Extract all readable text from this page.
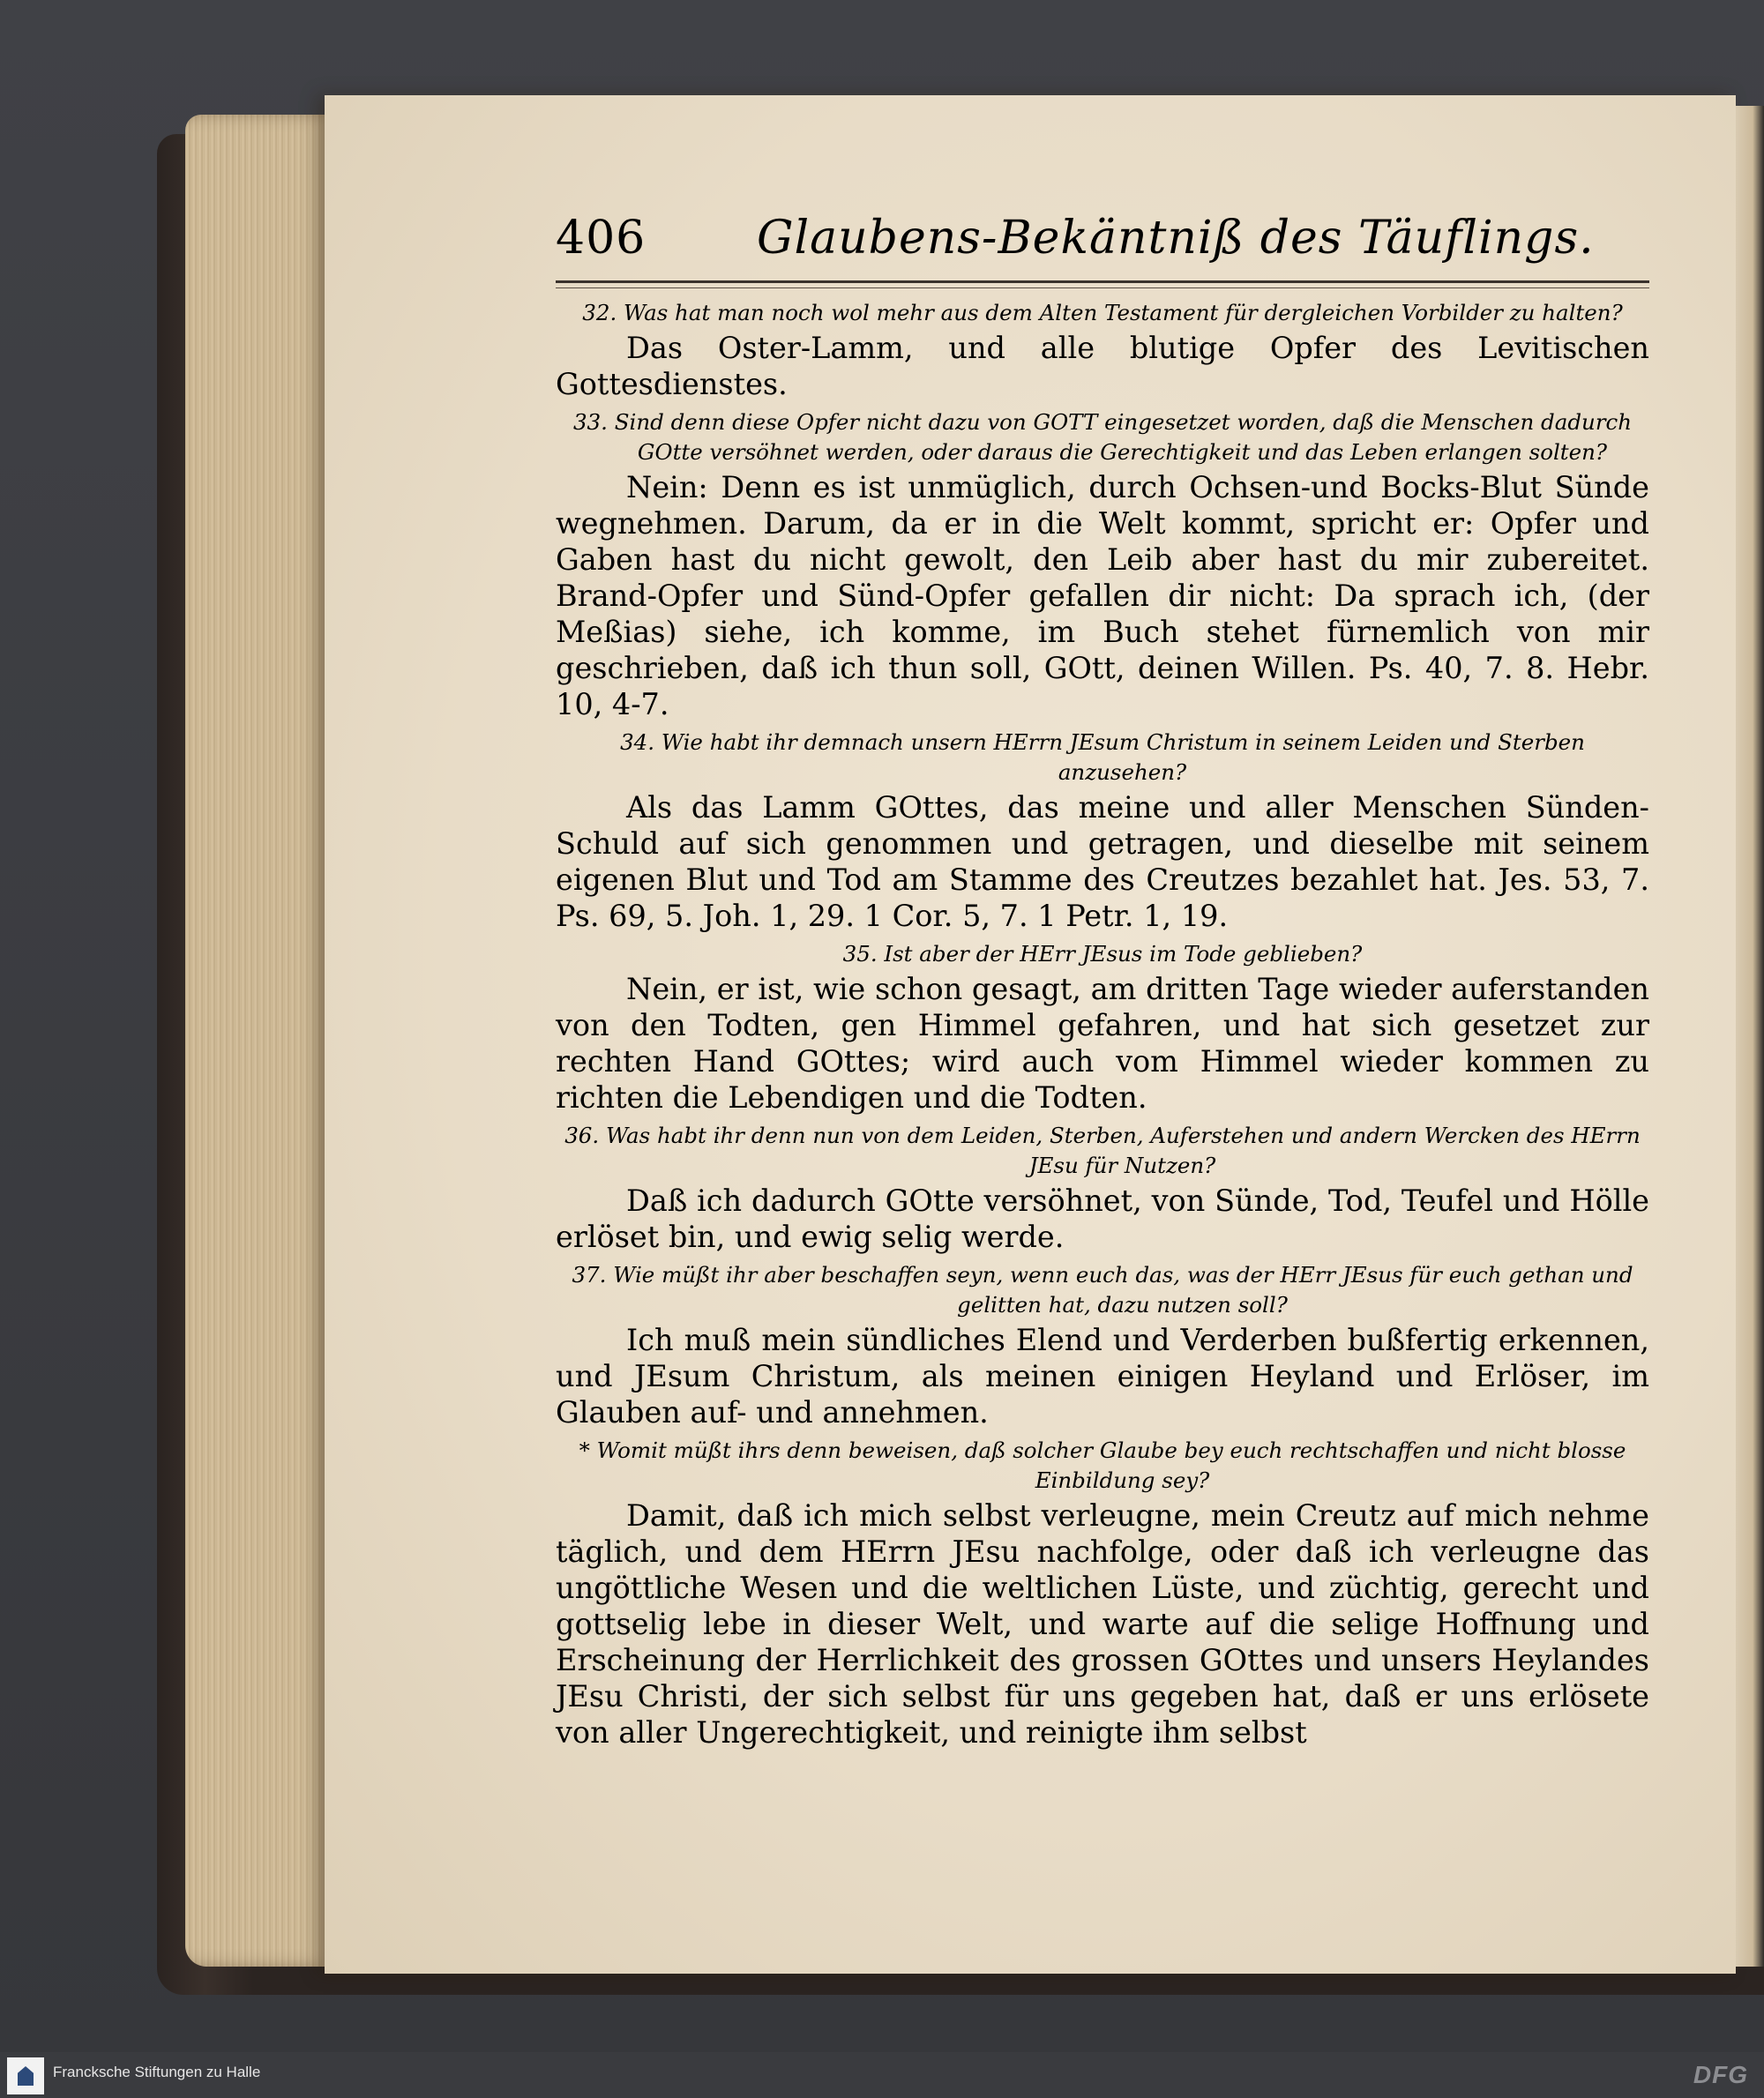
406 Glaubens-Bekäntniß des Täuflings.

32. Was hat man noch wol mehr aus dem Alten Testament für dergleichen Vorbilder zu halten?

Das Oster-Lamm, und alle blutige Opfer des Levitischen Gottesdienstes.

33. Sind denn diese Opfer nicht dazu von GOTT eingesetzet worden, daß die Menschen dadurch GOtte versöhnet werden, oder daraus die Gerechtigkeit und das Leben erlangen solten?

Nein: Denn es ist unmüglich, durch Ochsen-und Bocks-Blut Sünde wegnehmen. Darum, da er in die Welt kommt, spricht er: Opfer und Gaben hast du nicht gewolt, den Leib aber hast du mir zubereitet. Brand-Opfer und Sünd-Opfer gefallen dir nicht: Da sprach ich, (der Meßias) siehe, ich komme, im Buch stehet fürnemlich von mir geschrieben, daß ich thun soll, GOtt, deinen Willen. Ps. 40, 7. 8. Hebr. 10, 4-7.

34. Wie habt ihr demnach unsern HErrn JEsum Christum in seinem Leiden und Sterben anzusehen?

Als das Lamm GOttes, das meine und aller Menschen Sünden-Schuld auf sich genommen und getragen, und dieselbe mit seinem eigenen Blut und Tod am Stamme des Creutzes bezahlet hat. Jes. 53, 7. Ps. 69, 5. Joh. 1, 29. 1 Cor. 5, 7. 1 Petr. 1, 19.

35. Ist aber der HErr JEsus im Tode geblieben?

Nein, er ist, wie schon gesagt, am dritten Tage wieder auferstanden von den Todten, gen Himmel gefahren, und hat sich gesetzet zur rechten Hand GOttes; wird auch vom Himmel wieder kommen zu richten die Lebendigen und die Todten.

36. Was habt ihr denn nun von dem Leiden, Sterben, Auferstehen und andern Wercken des HErrn JEsu für Nutzen?

Daß ich dadurch GOtte versöhnet, von Sünde, Tod, Teufel und Hölle erlöset bin, und ewig selig werde.

37. Wie müßt ihr aber beschaffen seyn, wenn euch das, was der HErr JEsus für euch gethan und gelitten hat, dazu nutzen soll?

Ich muß mein sündliches Elend und Verderben bußfertig erkennen, und JEsum Christum, als meinen einigen Heyland und Erlöser, im Glauben auf- und annehmen.

* Womit müßt ihrs denn beweisen, daß solcher Glaube bey euch rechtschaffen und nicht blosse Einbildung sey?

Damit, daß ich mich selbst verleugne, mein Creutz auf mich nehme täglich, und dem HErrn JEsu nachfolge, oder daß ich verleugne das ungöttliche Wesen und die weltlichen Lüste, und züchtig, gerecht und gottselig lebe in dieser Welt, und warte auf die selige Hoffnung und Erscheinung der Herrlichkeit des grossen GOttes und unsers Heylandes JEsu Christi, der sich selbst für uns gegeben hat, daß er uns erlösete von aller Ungerechtigkeit, und reinigte ihm selbst

Francksche Stiftungen zu Halle	DFG
